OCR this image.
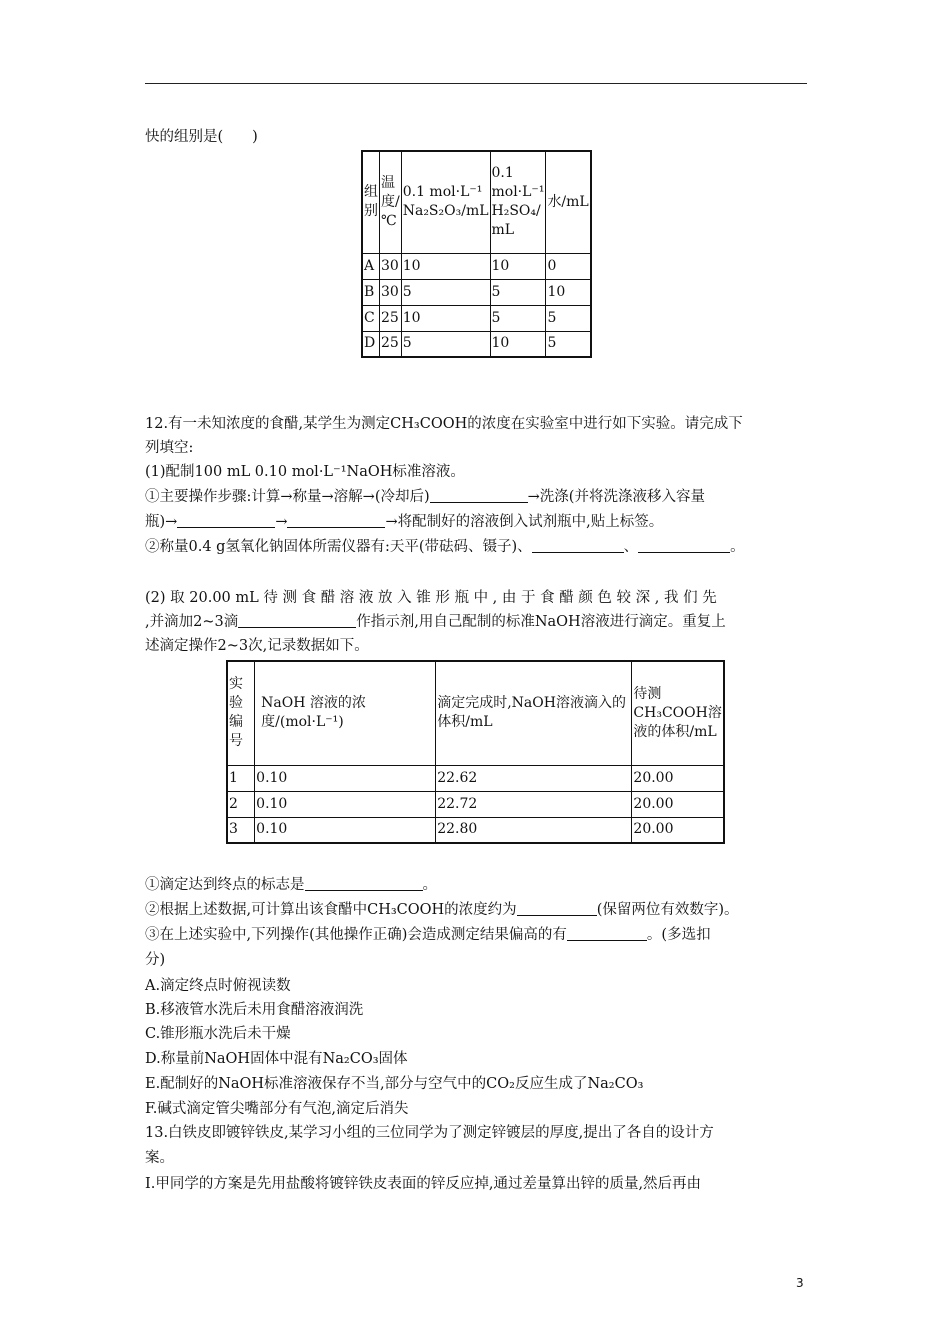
快的组别是(　　)
组别	温度/℃	0.1 mol·L⁻¹ Na₂S₂O₃/mL	0.1 mol·L⁻¹ H₂SO₄/ mL	水/mL
A	30	10	10	0
B	30	5	5	10
C	25	10	5	5
D	25	5	10	5
12.有一未知浓度的食醋,某学生为测定CH₃COOH的浓度在实验室中进行如下实验。请完成下
列填空:
(1)配制100 mL 0.10 mol·L⁻¹NaOH标准溶液。
①主要操作步骤:计算→称量→溶解→(冷却后)	→洗涤(并将洗涤液移入容量
瓶)→	→	→将配制好的溶液倒入试剂瓶中,贴上标签。
②称量0.4 g氢氧化钠固体所需仪器有:天平(带砝码、镊子)、	、	。
(2) 取 20.00 mL 待 测 食 醋 溶 液 放 入 锥 形 瓶 中 , 由 于 食 醋 颜 色 较 深 , 我 们 先
,并滴加2~3滴	作指示剂,用自己配制的标准NaOH溶液进行滴定。重复上
述滴定操作2~3次,记录数据如下。
实验编号	NaOH 溶液的浓度/(mol·L⁻¹)	滴定完成时,NaOH溶液滴入的体积/mL	待测CH₃COOH溶液的体积/mL
1	0.10	22.62	20.00
2	0.10	22.72	20.00
3	0.10	22.80	20.00
①滴定达到终点的标志是	。
②根据上述数据,可计算出该食醋中CH₃COOH的浓度约为	(保留两位有效数字)。
③在上述实验中,下列操作(其他操作正确)会造成测定结果偏高的有	。(多选扣
分)
A.滴定终点时俯视读数
B.移液管水洗后未用食醋溶液润洗
C.锥形瓶水洗后未干燥
D.称量前NaOH固体中混有Na₂CO₃固体
E.配制好的NaOH标准溶液保存不当,部分与空气中的CO₂反应生成了Na₂CO₃
F.碱式滴定管尖嘴部分有气泡,滴定后消失
13.白铁皮即镀锌铁皮,某学习小组的三位同学为了测定锌镀层的厚度,提出了各自的设计方
案。
Ⅰ.甲同学的方案是先用盐酸将镀锌铁皮表面的锌反应掉,通过差量算出锌的质量,然后再由
3
